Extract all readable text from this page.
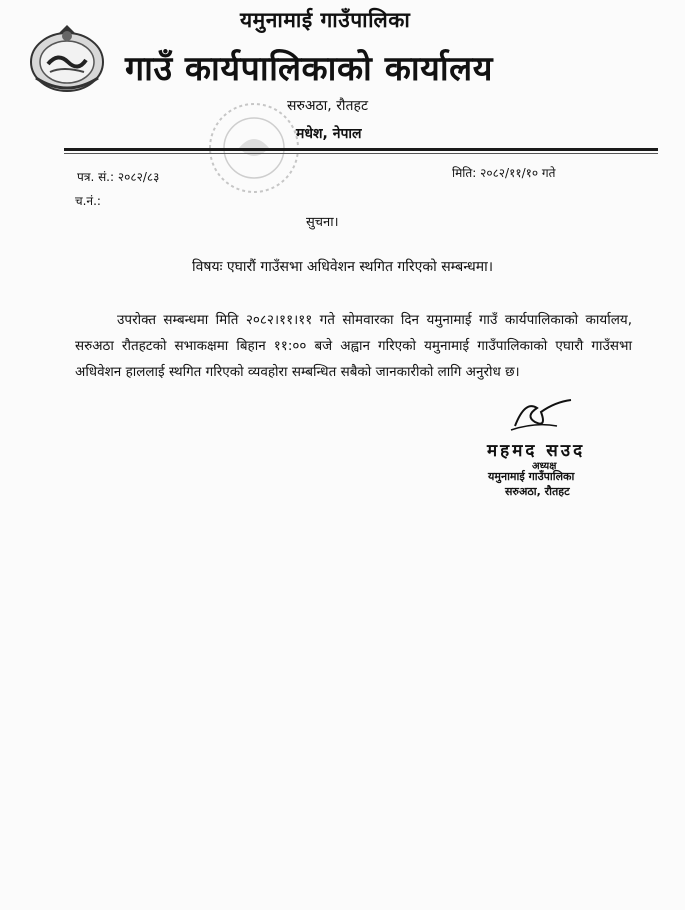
यमुनामाई गाउँपालिका
गाउँ कार्यपालिकाको कार्यालय
सरुअठा, रौतहट
मधेश, नेपाल
पत्र. सं.: २०८२/८३	मिति: २०८२/११/१० गते
च.नं.:
सुचना।
विषयः एघारौं गाउँसभा अधिवेशन स्थगित गरिएको सम्बन्धमा।

उपरोक्त सम्बन्धमा मिति २०८२।११।११ गते सोमवारका दिन यमुनामाई गाउँ कार्यपालिकाको कार्यालय, सरुअठा रौतहटको सभाकक्षमा बिहान ११:०० बजे अह्वान गरिएको यमुनामाई गाउँपालिकाको एघारौ गाउँसभा अधिवेशन हाललाई स्थगित गरिएको व्यवहोरा सम्बन्धित सबैको जानकारीको लागि अनुरोध छ।

महमद सउद
अध्यक्ष
यमुनामाई गाउँपालिका
सरुअठा, रौतहट
